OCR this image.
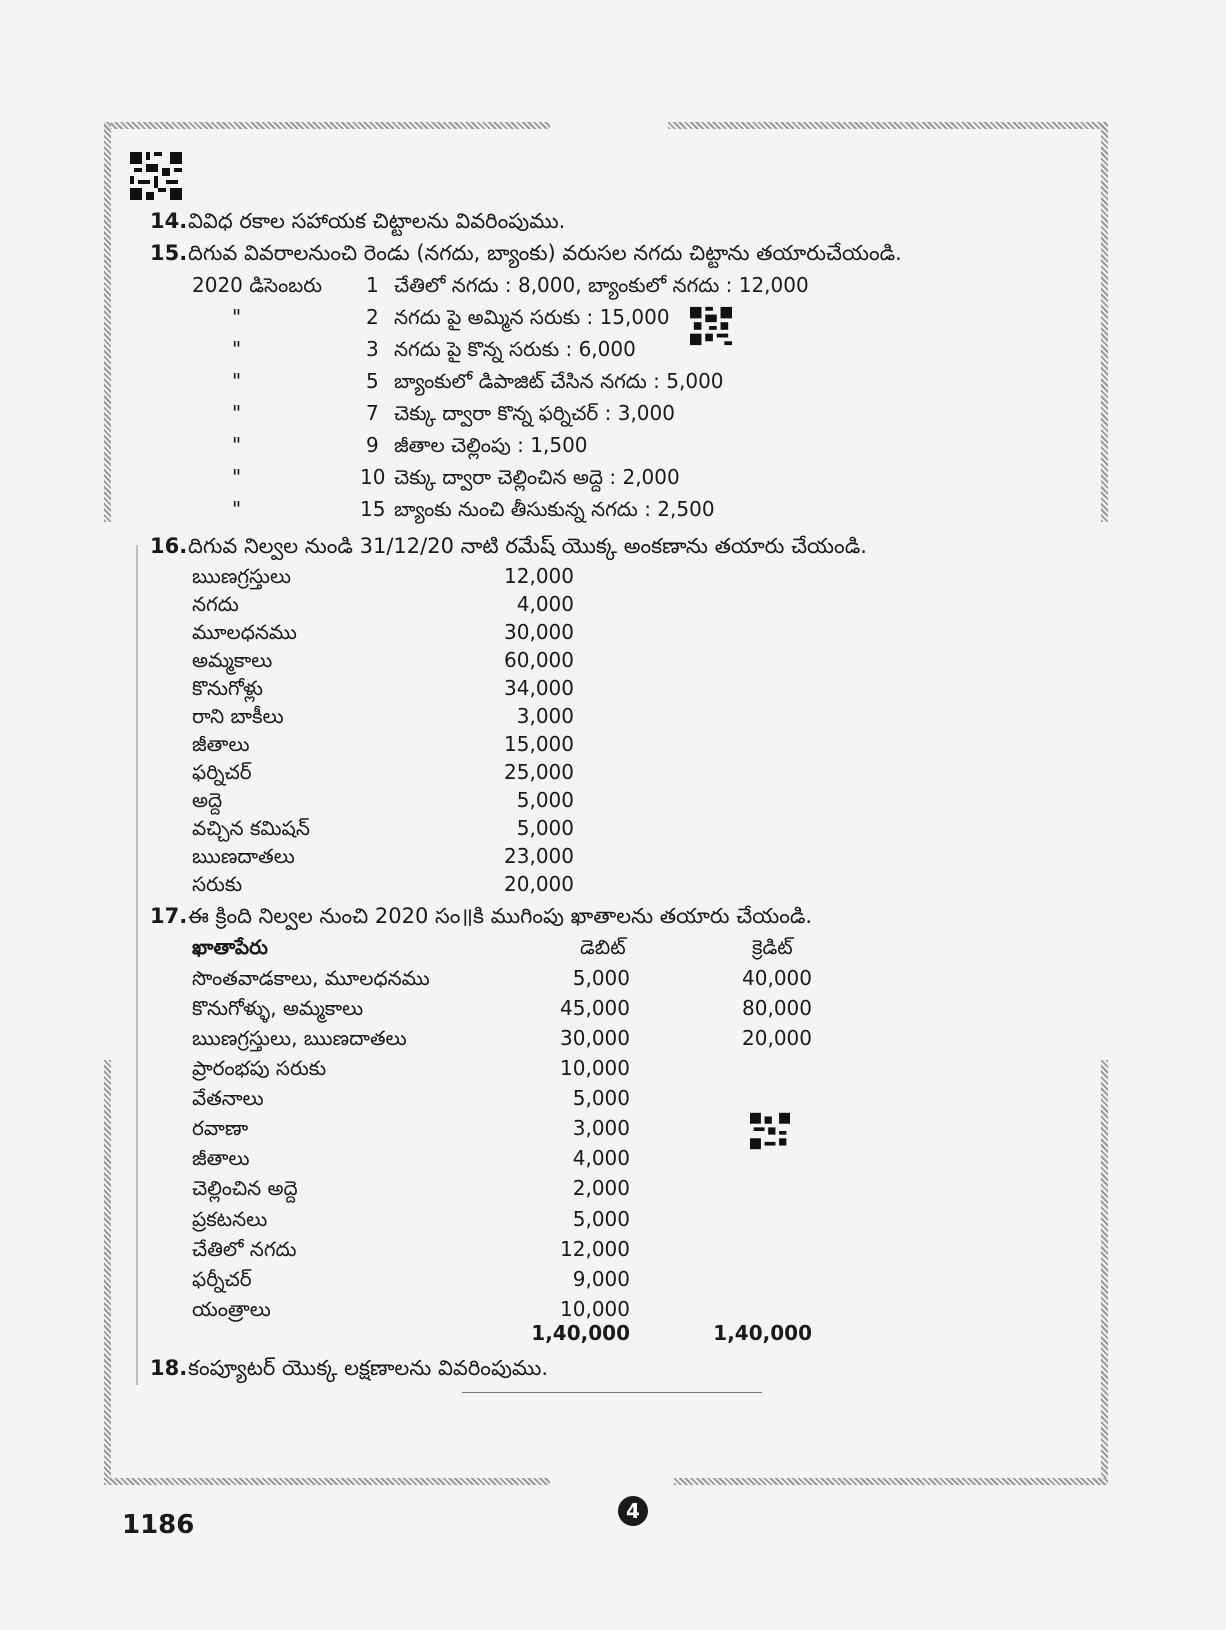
14.వివిధ రకాల సహాయక చిట్టాలను వివరింపుము.
15.దిగువ వివరాలనుంచి రెండు (నగదు, బ్యాంకు) వరుసల నగదు చిట్టాను తయారుచేయండి.
2020 డిసెంబరు 1 చేతిలో నగదు : 8,000, బ్యాంకులో నగదు : 12,000
"	2 నగదు పై అమ్మిన సరుకు : 15,000
"	3 నగదు పై కొన్న సరుకు : 6,000
"	5 బ్యాంకులో డిపాజిట్ చేసిన నగదు : 5,000
"	7 చెక్కు ద్వారా కొన్న ఫర్నిచర్ : 3,000
"	9 జీతాల చెల్లింపు : 1,500
"	10 చెక్కు ద్వారా చెల్లించిన అద్దె : 2,000
"	15 బ్యాంకు నుంచి తీసుకున్న నగదు : 2,500
16.దిగువ నిల్వల నుండి 31/12/20 నాటి రమేష్ యొక్క అంకణాను తయారు చేయండి.
ఋణగ్రస్తులు	12,000
నగదు	4,000
మూలధనము	30,000
అమ్మకాలు	60,000
కొనుగోళ్లు	34,000
రాని బాకీలు	3,000
జీతాలు	15,000
ఫర్నిచర్	25,000
అద్దె	5,000
వచ్చిన కమిషన్	5,000
ఋణదాతలు	23,000
సరుకు	20,000
17.ఈ క్రింది నిల్వల నుంచి 2020 సం॥కి ముగింపు ఖాతాలను తయారు చేయండి.
ఖాతాపేరు	డెబిట్	క్రెడిట్
సొంతవాడకాలు, మూలధనము	5,000	40,000
కొనుగోళ్ళు, అమ్మకాలు	45,000	80,000
ఋణగ్రస్తులు, ఋణదాతలు	30,000	20,000
ప్రారంభపు సరుకు	10,000
వేతనాలు	5,000
రవాణా	3,000
జీతాలు	4,000
చెల్లించిన అద్దె	2,000
ప్రకటనలు	5,000
చేతిలో నగదు	12,000
ఫర్నీచర్	9,000
యంత్రాలు	10,000
1,40,000	1,40,000
18.కంప్యూటర్ యొక్క లక్షణాలను వివరింపుము.
4
1186
